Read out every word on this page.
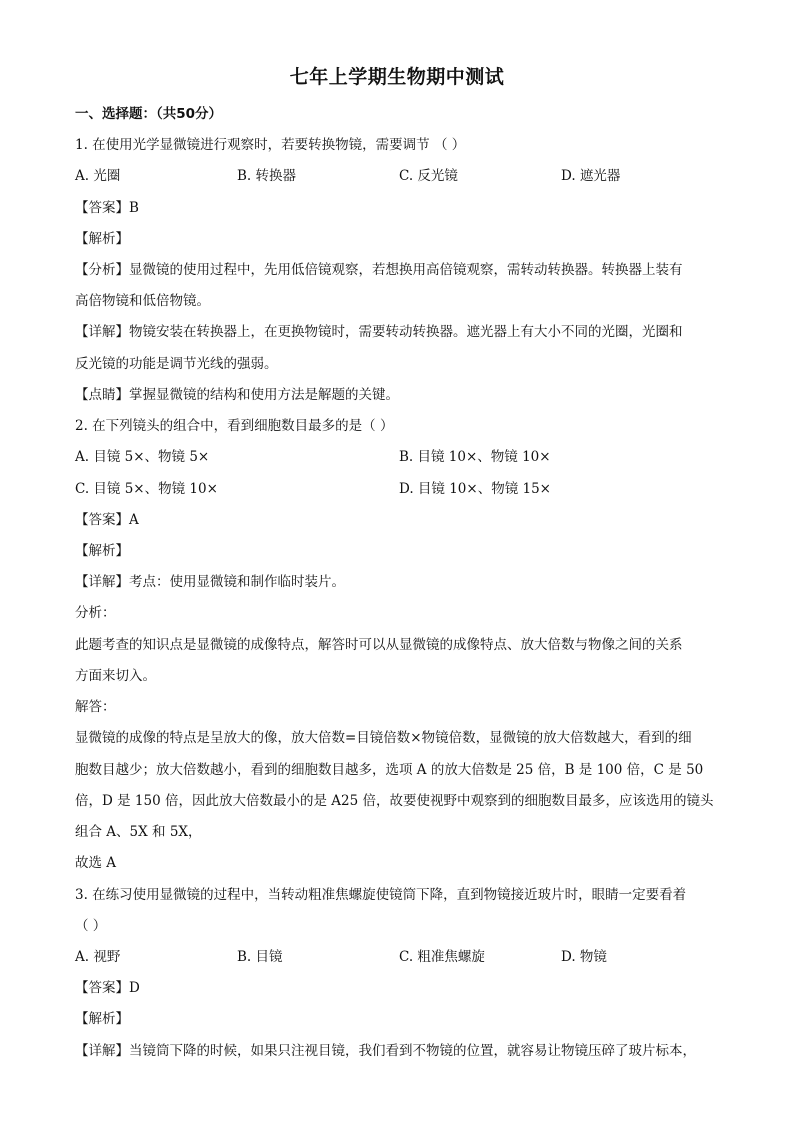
七年上学期生物期中测试
一、选择题：（共50分）
1. 在使用光学显微镜进行观察时，若要转换物镜，需要调节 （ ）
A. 光圈	B. 转换器	C. 反光镜	D. 遮光器
【答案】B
【解析】
【分析】显微镜的使用过程中，先用低倍镜观察，若想换用高倍镜观察，需转动转换器。转换器上装有
高倍物镜和低倍物镜。
【详解】物镜安装在转换器上，在更换物镜时，需要转动转换器。遮光器上有大小不同的光圈，光圈和
反光镜的功能是调节光线的强弱。
【点睛】掌握显微镜的结构和使用方法是解题的关键。
2. 在下列镜头的组合中，看到细胞数目最多的是（ ）
A. 目镜 5×、物镜 5×	B. 目镜 10×、物镜 10×
C. 目镜 5×、物镜 10×	D. 目镜 10×、物镜 15×
【答案】A
【解析】
【详解】考点：使用显微镜和制作临时装片。
分析：
此题考查的知识点是显微镜的成像特点，解答时可以从显微镜的成像特点、放大倍数与物像之间的关系
方面来切入。
解答：
显微镜的成像的特点是呈放大的像，放大倍数=目镜倍数×物镜倍数，显微镜的放大倍数越大，看到的细
胞数目越少；放大倍数越小，看到的细胞数目越多，选项 A 的放大倍数是 25 倍，B 是 100 倍，C 是 50
倍，D 是 150 倍，因此放大倍数最小的是 A25 倍，故要使视野中观察到的细胞数目最多，应该选用的镜头
组合 A、5X 和 5X，
故选 A
3. 在练习使用显微镜的过程中，当转动粗准焦螺旋使镜筒下降，直到物镜接近玻片时，眼睛一定要看着
（ ）
A. 视野	B. 目镜	C. 粗准焦螺旋	D. 物镜
【答案】D
【解析】
【详解】当镜筒下降的时候，如果只注视目镜，我们看到不物镜的位置，就容易让物镜压碎了玻片标本，
